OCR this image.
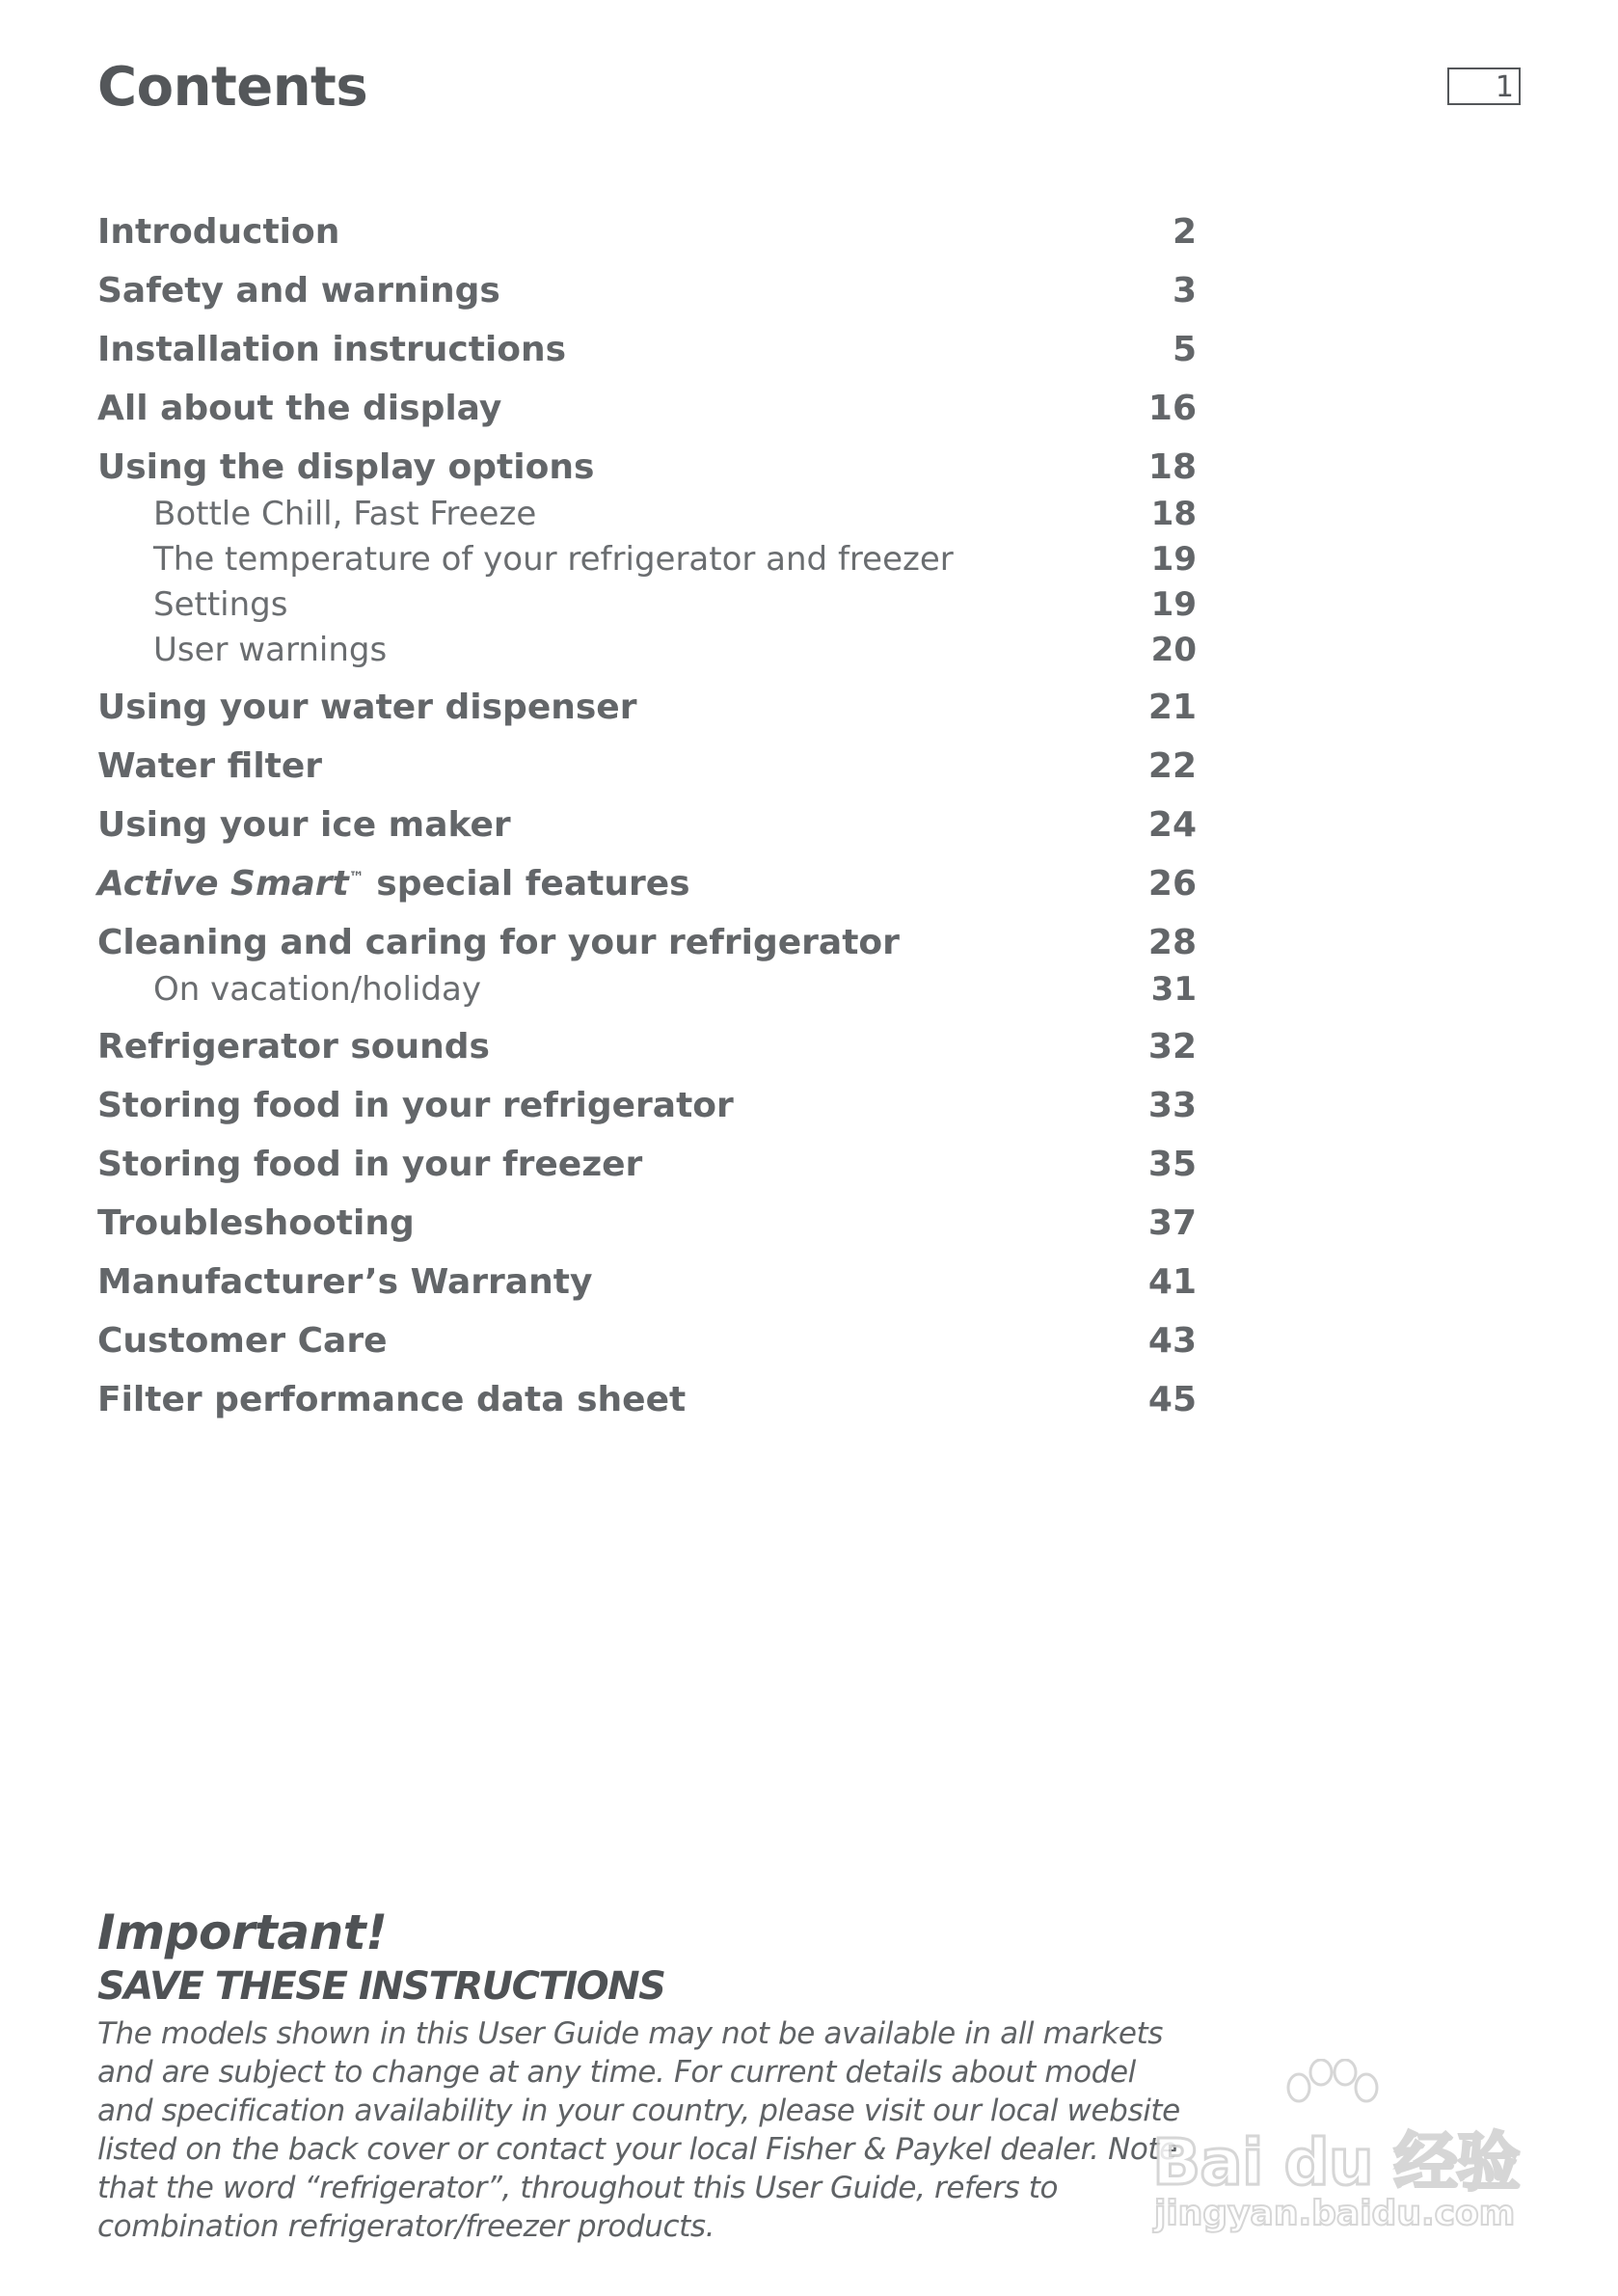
Contents	1
Introduction	2
Safety and warnings	3
Installation instructions	5
All about the display	16
Using the display options	18
Bottle Chill, Fast Freeze	18
The temperature of your refrigerator and freezer	19
Settings	19
User warnings	20
Using your water dispenser	21
Water filter	22
Using your ice maker	24
Active Smart™ special features	26
Cleaning and caring for your refrigerator	28
On vacation/holiday	31
Refrigerator sounds	32
Storing food in your refrigerator	33
Storing food in your freezer	35
Troubleshooting	37
Manufacturer’s Warranty	41
Customer Care	43
Filter performance data sheet	45
Important!
SAVE THESE INSTRUCTIONS

The models shown in this User Guide may not be available in all markets and are subject to change at any time. For current details about model and specification availability in your country, please visit our local website listed on the back cover or contact your local Fisher & Paykel dealer. Note that the word “refrigerator”, throughout this User Guide, refers to combination refrigerator/freezer products.

Bai du 经验
jingyan.baidu.com
